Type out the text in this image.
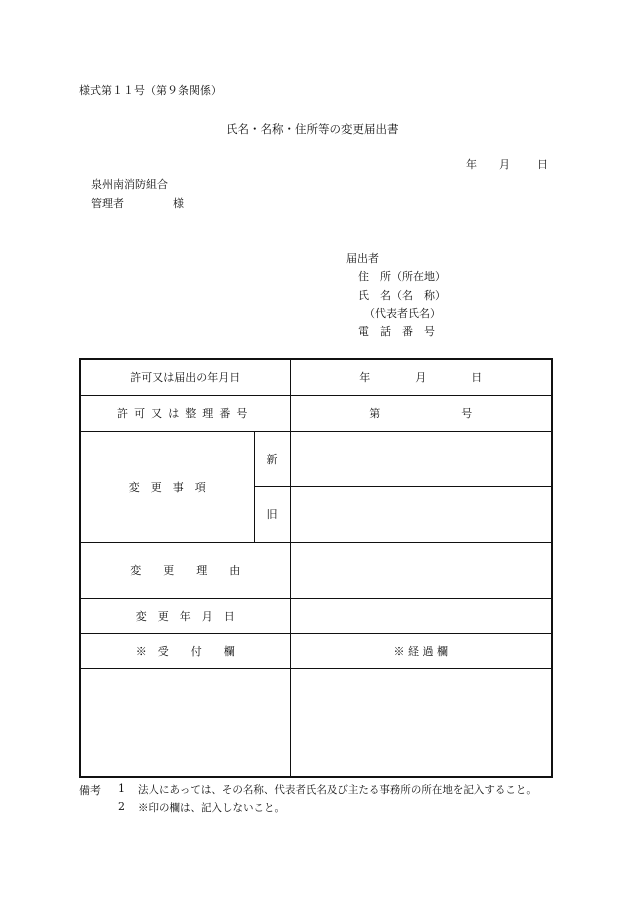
様式第１１号（第９条関係）
氏名・名称・住所等の変更届出書
年 月 日
泉州南消防組合
管理者	様
届出者
住　所（所在地）
氏　名（名　称）
（代表者氏名）
電　話　番　号
許可又は届出の年月日		年 月 日
許可又は整理番号		第 号
変　更　事　項	新	
	旧	
変　　更　　理　　由		
変　更　年　月　日		
※　受　　付　　欄		※ 経 過 欄

備考 1 法人にあっては、その名称、代表者氏名及び主たる事務所の所在地を記入すること。
2 ※印の欄は、記入しないこと。
